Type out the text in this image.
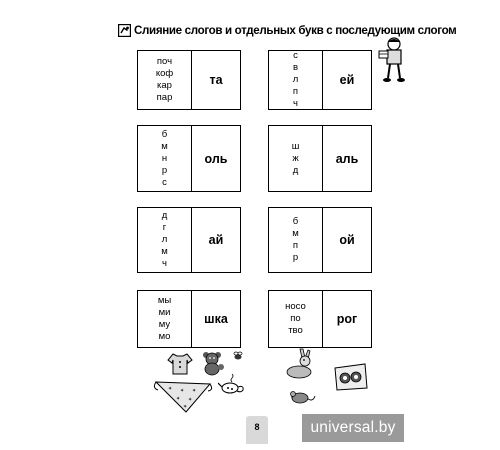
Слияние слогов и отдельных букв с последующим слогом
поч
коф
кар
пар
та
б
м
н
р
с
оль
д
г
л
м
ч
ай
мы
ми
му
мо
шка
с
в
л
п
ч
ей
ш
ж
д
аль
б
м
п
р
ой
носо
по
тво
рог
✶ ✶ ✶
✶ ✶
✶
8	universal.by
